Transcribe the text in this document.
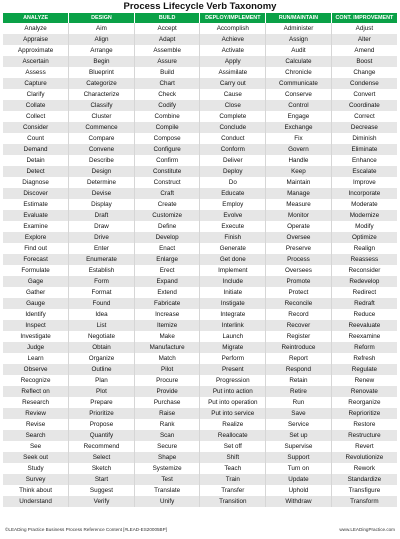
Process Lifecycle Verb Taxonomy
ANALYZE	DESIGN	BUILD	DEPLOY/IMPLEMENT	RUN/MAINTAIN	CONT. IMPROVEMENT
Analyze	Aim	Accept	Accomplish	Administer	Adjust
Appraise	Align	Adapt	Achieve	Assign	Alter
Approximate	Arrange	Assemble	Activate	Audit	Amend
Ascertain	Begin	Assure	Apply	Calculate	Boost
Assess	Blueprint	Build	Assimilate	Chronicle	Change
Capture	Categorize	Chart	Carry out	Communicate	Condense
Clarify	Characterize	Check	Cause	Conserve	Convert
Collate	Classify	Codify	Close	Control	Coordinate
Collect	Cluster	Combine	Complete	Engage	Correct
Consider	Commence	Compile	Conclude	Exchange	Decrease
Count	Compare	Compose	Conduct	Fix	Diminish
Demand	Convene	Configure	Conform	Govern	Eliminate
Detain	Describe	Confirm	Deliver	Handle	Enhance
Detect	Design	Constitute	Deploy	Keep	Escalate
Diagnose	Determine	Construct	Do	Maintain	Improve
Discover	Devise	Craft	Educate	Manage	Incorporate
Estimate	Display	Create	Employ	Measure	Moderate
Evaluate	Draft	Customize	Evolve	Monitor	Modernize
Examine	Draw	Define	Execute	Operate	Modify
Explore	Drive	Develop	Finish	Oversee	Optimize
Find out	Enter	Enact	Generate	Preserve	Realign
Forecast	Enumerate	Enlarge	Get done	Process	Reassess
Formulate	Establish	Erect	Implement	Oversees	Reconsider
Gage	Form	Expand	Include	Promote	Redevelop
Gather	Format	Extend	Initiate	Protect	Redirect
Gauge	Found	Fabricate	Instigate	Reconcile	Redraft
Identify	Idea	Increase	Integrate	Record	Reduce
Inspect	List	Itemize	Interlink	Recover	Reevaluate
Investigate	Negotiate	Make	Launch	Register	Reexamine
Judge	Obtain	Manufacture	Migrate	Reintroduce	Reform
Learn	Organize	Match	Perform	Report	Refresh
Observe	Outline	Pilot	Present	Respond	Regulate
Recognize	Plan	Procure	Progression	Retain	Renew
Reflect on	Plot	Provide	Put into action	Retire	Renovate
Research	Prepare	Purchase	Put into operation	Run	Reorganize
Review	Prioritize	Raise	Put into service	Save	Reprioritize
Revise	Propose	Rank	Realize	Service	Restore
Search	Quantify	Scan	Reallocate	Set up	Restructure
See	Recommend	Secure	Set off	Supervise	Revert
Seek out	Select	Shape	Shift	Support	Revolutionize
Study	Sketch	Systemize	Teach	Turn on	Rework
Survey	Start	Test	Train	Update	Standardize
Think about	Suggest	Translate	Transfer	Uphold	Transfigure
Understand	Verify	Unify	Transition	Withdraw	Transform
©LEADing Practice Business Process Reference Content [#LEAD-ES20005BP]	www.LEADingPractice.com
